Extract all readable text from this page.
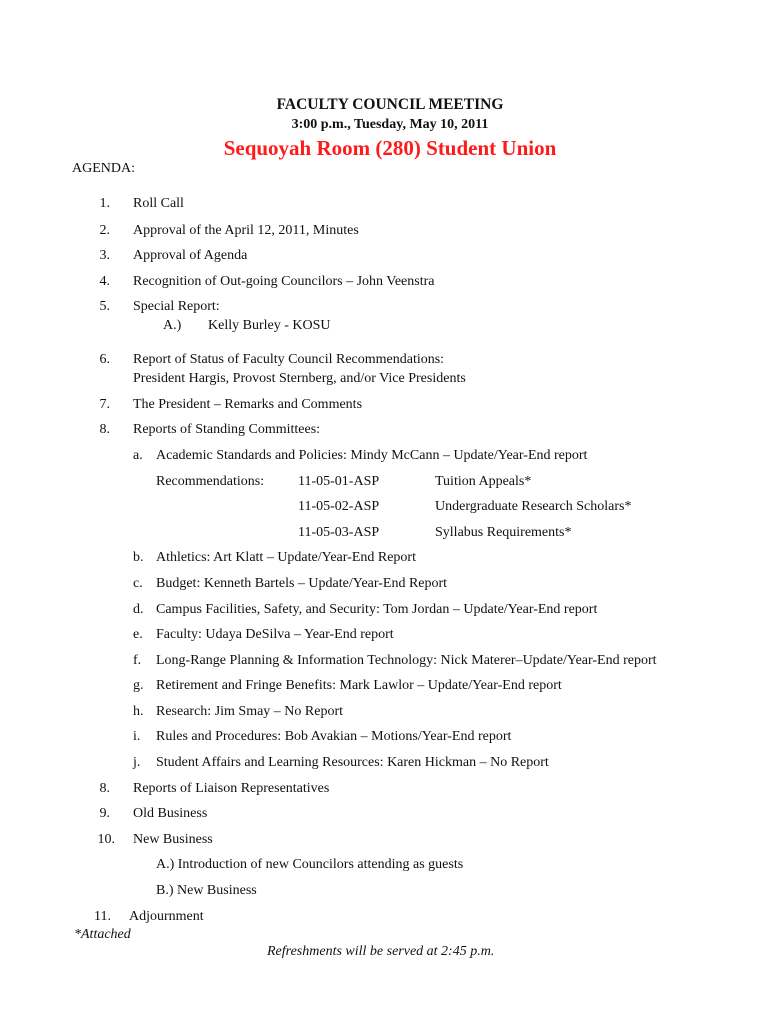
FACULTY COUNCIL MEETING
3:00 p.m., Tuesday, May 10, 2011
Sequoyah Room (280) Student Union
AGENDA:
1. Roll Call
2. Approval of the April 12, 2011, Minutes
3. Approval of Agenda
4. Recognition of Out-going Councilors – John Veenstra
5. Special Report:
A.) Kelly Burley - KOSU
6. Report of Status of Faculty Council Recommendations:
President Hargis, Provost Sternberg, and/or Vice Presidents
7. The President – Remarks and Comments
8. Reports of Standing Committees:
a. Academic Standards and Policies: Mindy McCann – Update/Year-End report
Recommendations: 11-05-01-ASP	Tuition Appeals*
11-05-02-ASP	Undergraduate Research Scholars*
11-05-03-ASP	Syllabus Requirements*
b. Athletics: Art Klatt – Update/Year-End Report
c. Budget: Kenneth Bartels – Update/Year-End Report
d. Campus Facilities, Safety, and Security: Tom Jordan – Update/Year-End report
e. Faculty: Udaya DeSilva – Year-End report
f. Long-Range Planning & Information Technology: Nick Materer–Update/Year-End report
g. Retirement and Fringe Benefits: Mark Lawlor – Update/Year-End report
h. Research: Jim Smay – No Report
i. Rules and Procedures: Bob Avakian – Motions/Year-End report
j. Student Affairs and Learning Resources: Karen Hickman – No Report
8. Reports of Liaison Representatives
9. Old Business
10. New Business
A.) Introduction of new Councilors attending as guests
B.) New Business
11. Adjournment
*Attached
Refreshments will be served at 2:45 p.m.
